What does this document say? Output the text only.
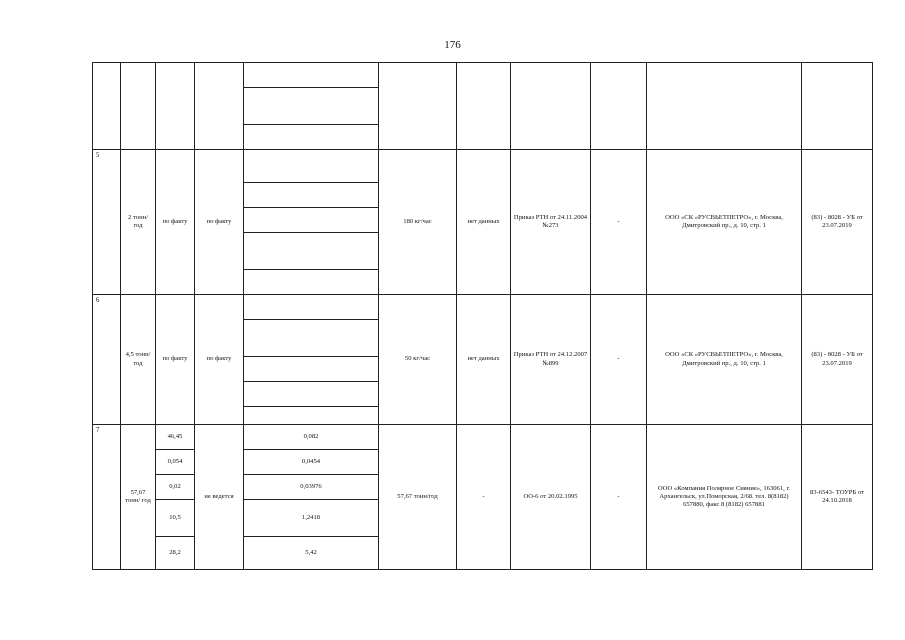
176

5	2 тонн/ год	по факту	по факту		180 кг/час	нет данных	Приказ РТН от 24.11.2004 №273	-	ООО «СК «РУСВЬЕТПЕТРО», г. Москва, Дмитровский пр., д. 10, стр. 1	(83) - 8028 - УБ от 23.07.2019

6	4,5 тонн/ год	по факту	по факту		50 кг/час	нет данных	Приказ РТН от 24.12.2007 №899	-	ООО «СК «РУСВЬЕТПЕТРО», г. Москва, Дмитровский пр., д. 10, стр. 1	(83) - 8028 - УБ от 23.07.2019

7	57,67 тонн/ год	46,45	не ведется	0,082	57,67 тонн/год	-	ОО-6 от 20.02.1995	-	ООО «Компания Полярное Сияние», 163061, г. Архангельск, ул.Поморская, 2/68. тел. 8(8182) 657880, факс 8 (8182) 657881	83-6543- ТОУРБ от 24.10.2018
		0,054		0,0454						
		0,02		0,03976						
		10,5		1,2418						
		28,2		5,42						
